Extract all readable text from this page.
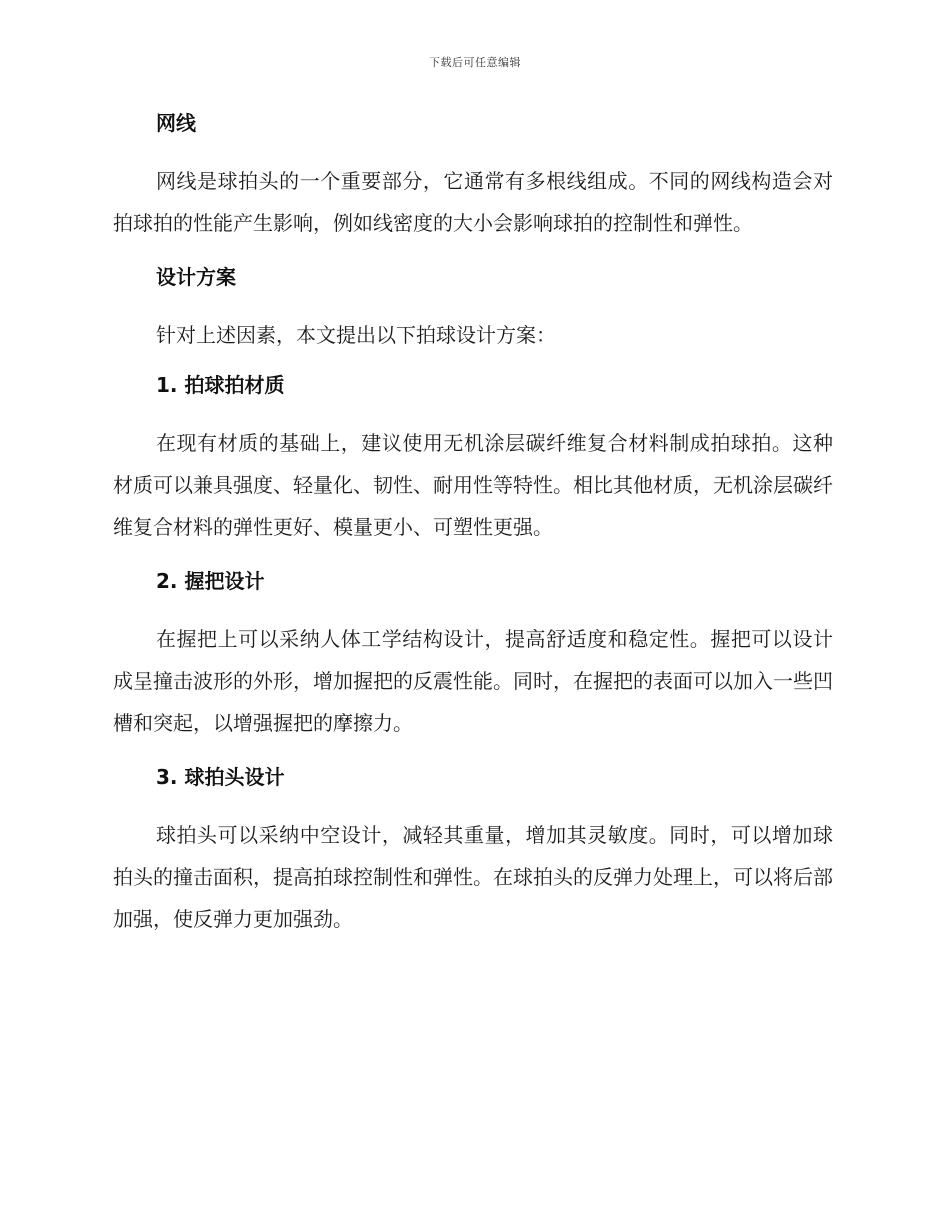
下载后可任意编辑
网线

网线是球拍头的一个重要部分，它通常有多根线组成。不同的网线构造会对拍球拍的性能产生影响，例如线密度的大小会影响球拍的控制性和弹性。

设计方案

针对上述因素，本文提出以下拍球设计方案：

1. 拍球拍材质

在现有材质的基础上，建议使用无机涂层碳纤维复合材料制成拍球拍。这种材质可以兼具强度、轻量化、韧性、耐用性等特性。相比其他材质，无机涂层碳纤维复合材料的弹性更好、模量更小、可塑性更强。

2. 握把设计

在握把上可以采纳人体工学结构设计，提高舒适度和稳定性。握把可以设计成呈撞击波形的外形，增加握把的反震性能。同时，在握把的表面可以加入一些凹槽和突起，以增强握把的摩擦力。

3. 球拍头设计

球拍头可以采纳中空设计，减轻其重量，增加其灵敏度。同时，可以增加球拍头的撞击面积，提高拍球控制性和弹性。在球拍头的反弹力处理上，可以将后部加强，使反弹力更加强劲。
